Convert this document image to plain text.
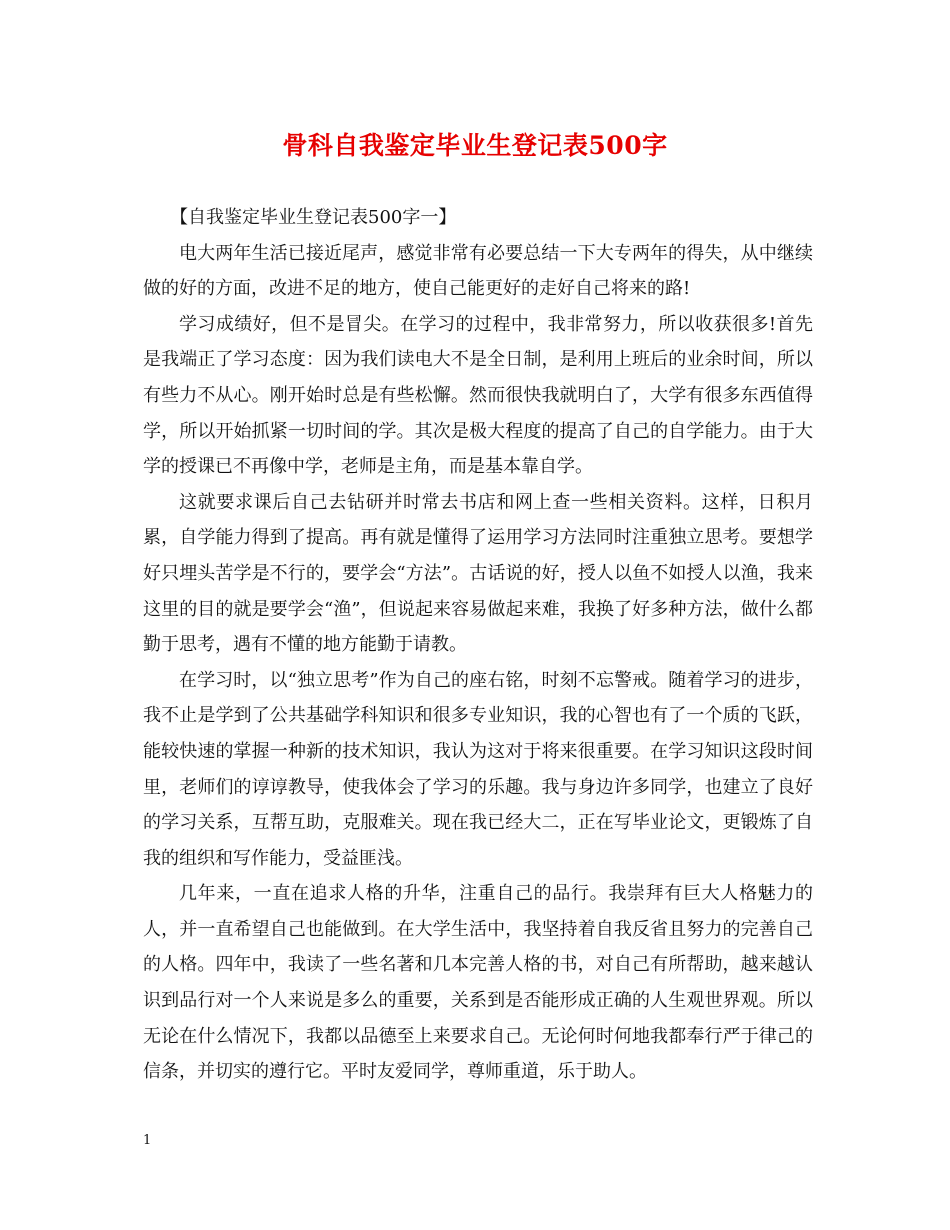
骨科自我鉴定毕业生登记表500字

【自我鉴定毕业生登记表500字一】

电大两年生活已接近尾声，感觉非常有必要总结一下大专两年的得失，从中继续做的好的方面，改进不足的地方，使自己能更好的走好自己将来的路!

学习成绩好，但不是冒尖。在学习的过程中，我非常努力，所以收获很多!首先是我端正了学习态度：因为我们读电大不是全日制，是利用上班后的业余时间，所以有些力不从心。刚开始时总是有些松懈。然而很快我就明白了，大学有很多东西值得学，所以开始抓紧一切时间的学。其次是极大程度的提高了自己的自学能力。由于大学的授课已不再像中学，老师是主角，而是基本靠自学。

这就要求课后自己去钻研并时常去书店和网上查一些相关资料。这样，日积月累，自学能力得到了提高。再有就是懂得了运用学习方法同时注重独立思考。要想学好只埋头苦学是不行的，要学会“方法”。古话说的好，授人以鱼不如授人以渔，我来这里的目的就是要学会“渔”，但说起来容易做起来难，我换了好多种方法，做什么都勤于思考，遇有不懂的地方能勤于请教。

在学习时，以“独立思考”作为自己的座右铭，时刻不忘警戒。随着学习的进步，我不止是学到了公共基础学科知识和很多专业知识，我的心智也有了一个质的飞跃，能较快速的掌握一种新的技术知识，我认为这对于将来很重要。在学习知识这段时间里，老师们的谆谆教导，使我体会了学习的乐趣。我与身边许多同学，也建立了良好的学习关系，互帮互助，克服难关。现在我已经大二，正在写毕业论文，更锻炼了自我的组织和写作能力，受益匪浅。

几年来，一直在追求人格的升华，注重自己的品行。我崇拜有巨大人格魅力的人，并一直希望自己也能做到。在大学生活中，我坚持着自我反省且努力的完善自己的人格。四年中，我读了一些名著和几本完善人格的书，对自己有所帮助，越来越认识到品行对一个人来说是多么的重要，关系到是否能形成正确的人生观世界观。所以无论在什么情况下，我都以品德至上来要求自己。无论何时何地我都奉行严于律己的信条，并切实的遵行它。平时友爱同学，尊师重道，乐于助人。

1
